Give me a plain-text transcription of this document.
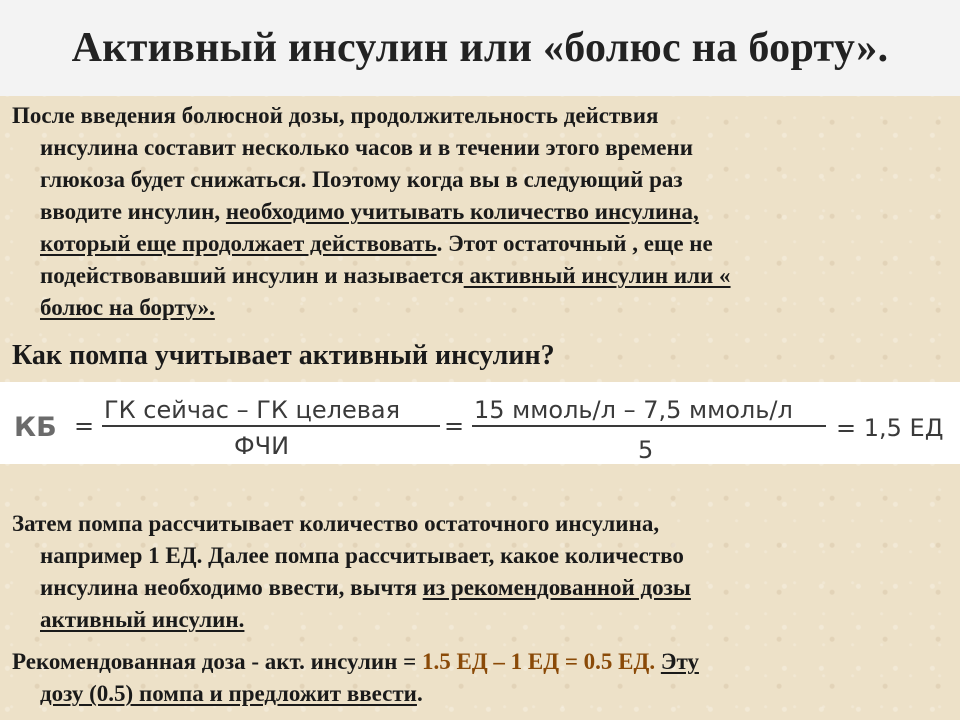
Активный инсулин или «болюс на борту».
После введения болюсной дозы, продолжительность действия
инсулина составит несколько часов и в течении этого времени
глюкоза будет снижаться. Поэтому когда вы в следующий раз
вводите инсулин, необходимо учитывать количество инсулина,
который еще продолжает действовать. Этот остаточный , еще не
подействовавший инсулин и называется активный инсулин или «
болюс на борту».
Как помпа учитывает активный инсулин?
КБ =
ГК сейчас – ГК целевая
ФЧИ
=
15 ммоль/л – 7,5 ммоль/л
5
= 1,5 ЕД
Затем помпа рассчитывает количество остаточного инсулина,
например 1 ЕД. Далее помпа рассчитывает, какое количество
инсулина необходимо ввести, вычтя из рекомендованной дозы
активный инсулин.
Рекомендованная доза - акт. инсулин = 1.5 ЕД – 1 ЕД = 0.5 ЕД. Эту
дозу (0.5) помпа и предложит ввести.
